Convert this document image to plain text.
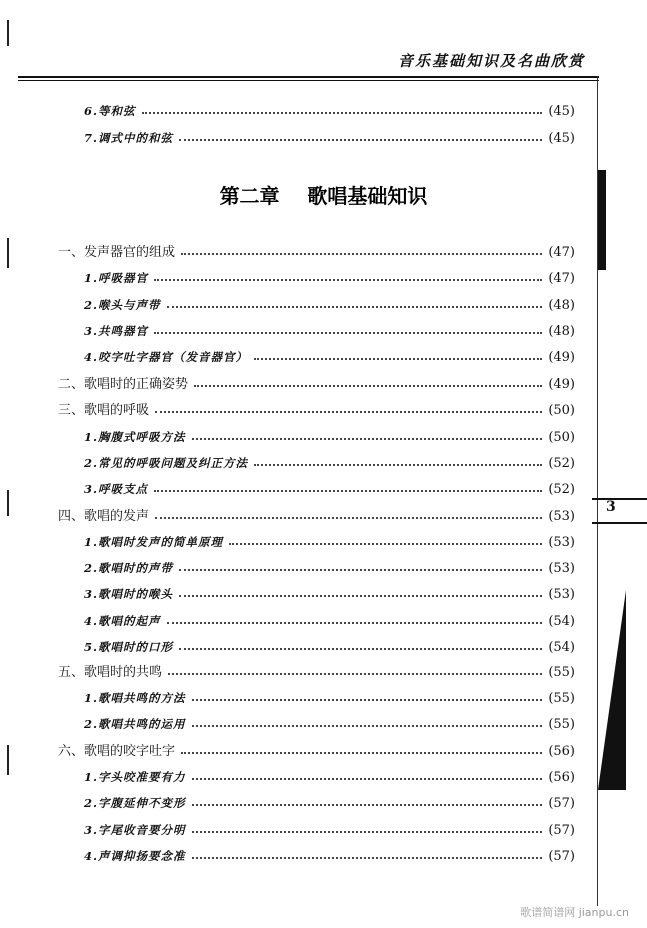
音乐基础知识及名曲欣赏
3
第二章    歌唱基础知识
6.等和弦	(45)
7.调式中的和弦	(45)
一、发声器官的组成	(47)
1.呼吸器官	(47)
2.喉头与声带	(48)
3.共鸣器官	(48)
4.咬字吐字器官（发音器官）	(49)
二、歌唱时的正确姿势	(49)
三、歌唱的呼吸	(50)
1.胸腹式呼吸方法	(50)
2.常见的呼吸问题及纠正方法	(52)
3.呼吸支点	(52)
四、歌唱的发声	(53)
1.歌唱时发声的简单原理	(53)
2.歌唱时的声带	(53)
3.歌唱时的喉头	(53)
4.歌唱的起声	(54)
5.歌唱时的口形	(54)
五、歌唱时的共鸣	(55)
1.歌唱共鸣的方法	(55)
2.歌唱共鸣的运用	(55)
六、歌唱的咬字吐字	(56)
1.字头咬准要有力	(56)
2.字腹延伸不变形	(57)
3.字尾收音要分明	(57)
4.声调抑扬要念准	(57)
歌谱简谱网 jianpu.cn
